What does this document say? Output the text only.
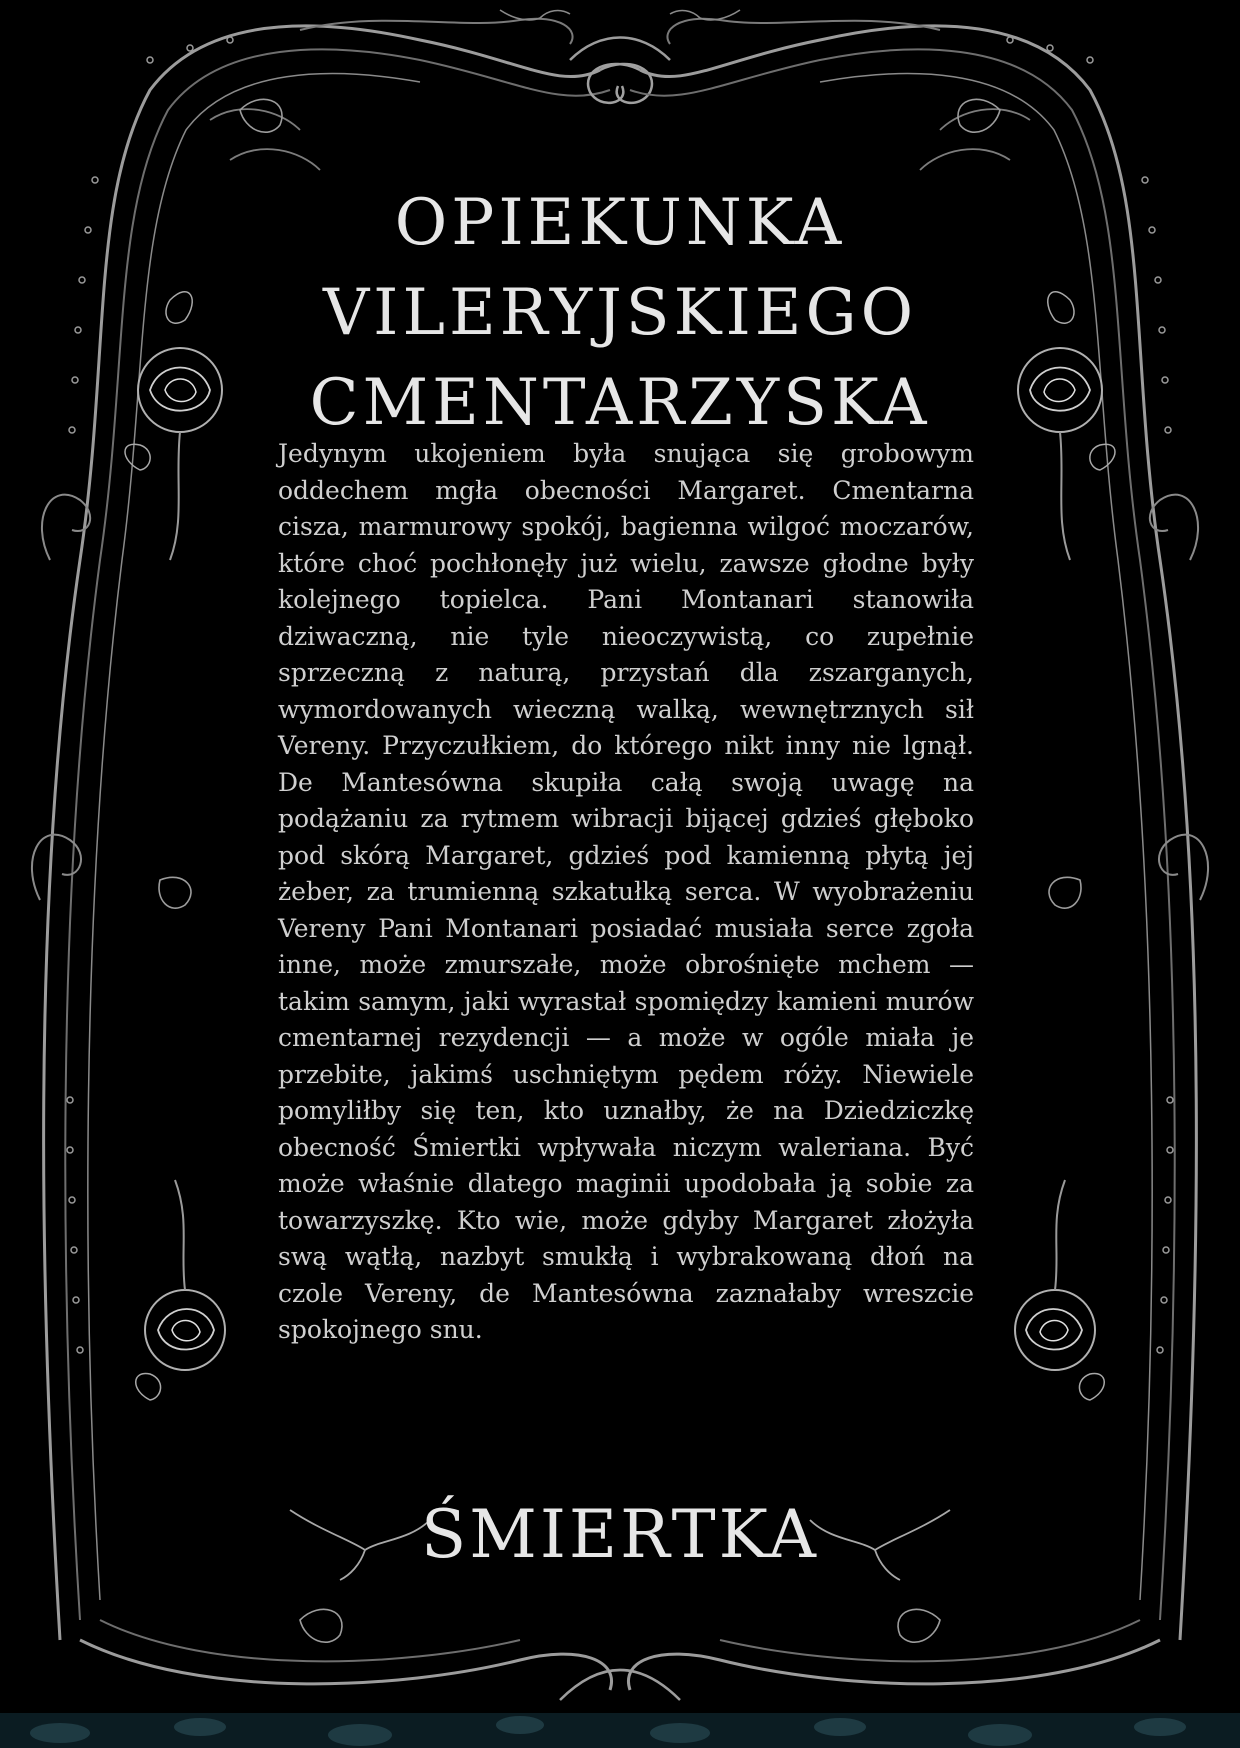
OPIEKUNKA VILERYJSKIEGO CMENTARZYSKA

Jedynym ukojeniem była snująca się grobowym oddechem mgła obecności Margaret. Cmentarna cisza, marmurowy spokój, bagienna wilgoć moczarów, które choć pochłonęły już wielu, zawsze głodne były kolejnego topielca. Pani Montanari stanowiła dziwaczną, nie tyle nieoczywistą, co zupełnie sprzeczną z naturą, przystań dla zszarganych, wymordowanych wieczną walką, wewnętrznych sił Vereny. Przyczułkiem, do którego nikt inny nie lgnął. De Mantesówna skupiła całą swoją uwagę na podążaniu za rytmem wibracji bijącej gdzieś głęboko pod skórą Margaret, gdzieś pod kamienną płytą jej żeber, za trumienną szkatułką serca. W wyobrażeniu Vereny Pani Montanari posiadać musiała serce zgoła inne, może zmurszałe, może obrośnięte mchem — takim samym, jaki wyrastał spomiędzy kamieni murów cmentarnej rezydencji — a może w ogóle miała je przebite, jakimś uschniętym pędem róży. Niewiele pomyliłby się ten, kto uznałby, że na Dziedziczkę obecność Śmiertki wpływała niczym waleriana. Być może właśnie dlatego maginii upodobała ją sobie za towarzyszkę. Kto wie, może gdyby Margaret złożyła swą wątłą, nazbyt smukłą i wybrakowaną dłoń na czole Vereny, de Mantesówna zaznałaby wreszcie spokojnego snu.

ŚMIERTKA
